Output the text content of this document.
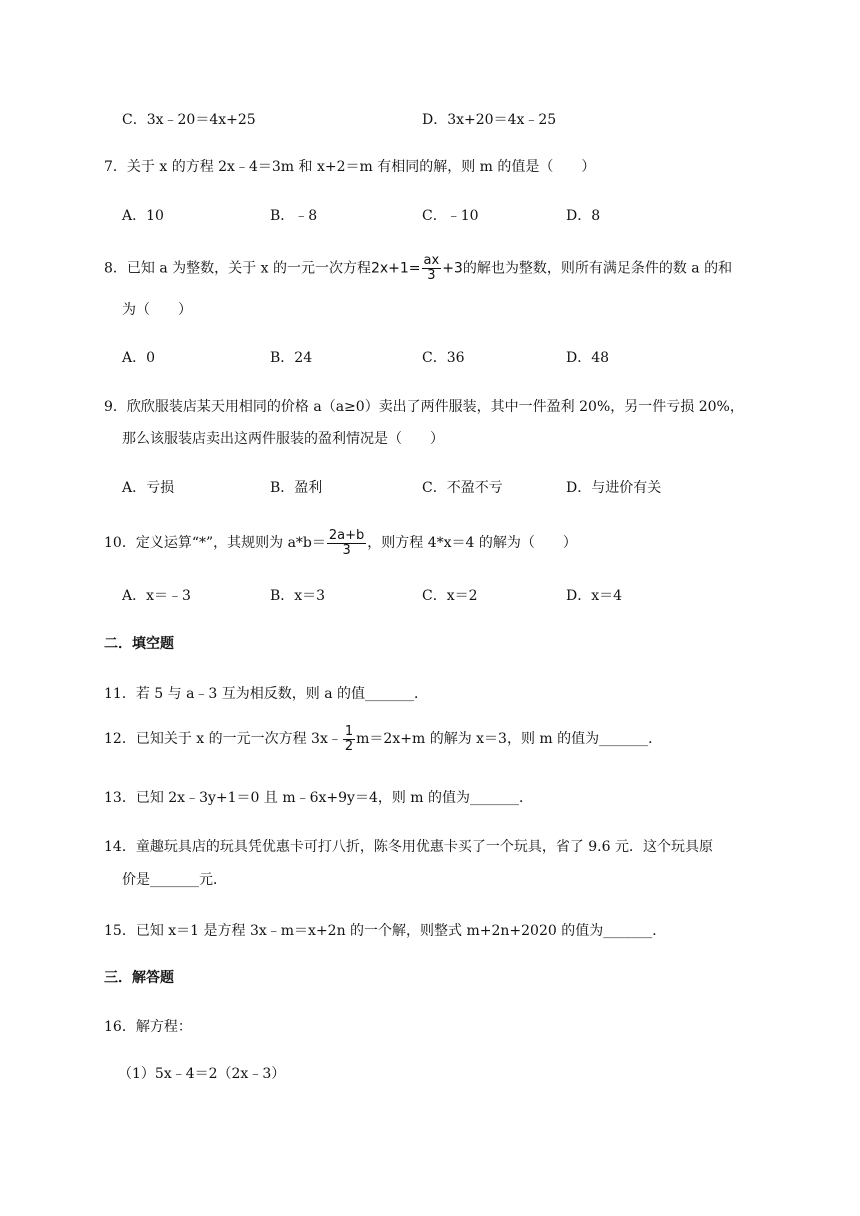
C．3x﹣20＝4x+25	D．3x+20＝4x﹣25
7．关于 x 的方程 2x﹣4＝3m 和 x+2＝m 有相同的解，则 m 的值是（　　）
A．10	B．﹣8	C．﹣10	D．8
8．已知 a 为整数，关于 x 的一元一次方程$2x+1= \frac{ax}{3} +3$的解也为整数，则所有满足条件的数 a 的和
为（　　）
A．0	B．24	C．36	D．48
9．欣欣服装店某天用相同的价格 a（a≥0）卖出了两件服装，其中一件盈利 20%，另一件亏损 20%，
那么该服装店卖出这两件服装的盈利情况是（　　）
A．亏损	B．盈利	C．不盈不亏	D．与进价有关
10．定义运算“*”，其规则为 $a*b= \frac{2a+b}{3}$ ，则方程 4*x＝4 的解为（　　）
A．x＝﹣3	B．x＝3	C．x＝2	D．x＝4
二．填空题
11．若 5 与 a﹣3 互为相反数，则 a 的值_______．
12．已知关于 x 的一元一次方程 3x﹣ $\frac{1}{2} m=2x+m$ 的解为 x＝3，则 m 的值为_______．
13．已知 2x﹣3y+1＝0 且 m﹣6x+9y＝4，则 m 的值为_______．
14．童趣玩具店的玩具凭优惠卡可打八折，陈冬用优惠卡买了一个玩具，省了 9.6 元．这个玩具原
价是_______元．
15．已知 x＝1 是方程 3x﹣m＝x+2n 的一个解，则整式 m+2n+2020 的值为_______．
三．解答题
16．解方程：
（1）5x﹣4＝2（2x﹣3）
